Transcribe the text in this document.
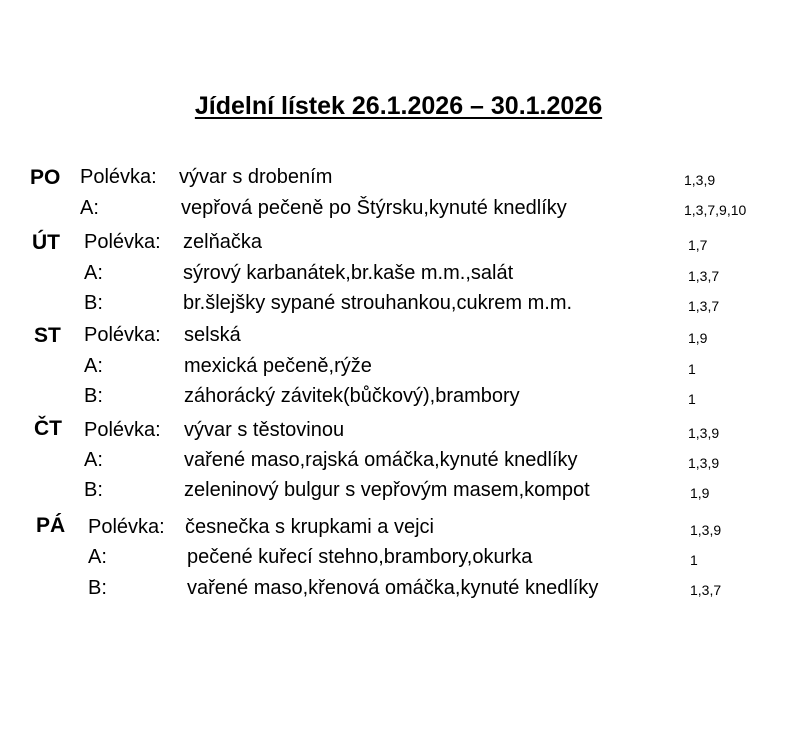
Jídelní lístek 26.1.2026 – 30.1.2026
PO Polévka: vývar s drobením	1,3,9
A:	vepřová pečeně po Štýrsku,kynuté knedlíky	1,3,7,9,10
ÚT Polévka: zelňačka	1,7
A:	sýrový karbanátek,br.kaše m.m.,salát	1,3,7
B:	br.šlejšky sypané strouhankou,cukrem m.m.	1,3,7
ST Polévka: selská	1,9
A:	mexická pečeně,rýže	1
B:	záhorácký závitek(bůčkový),brambory	1
ČT Polévka: vývar s těstovinou	1,3,9
A:	vařené maso,rajská omáčka,kynuté knedlíky	1,3,9
B:	zeleninový bulgur s vepřovým masem,kompot	1,9
PÁ Polévka: česnečka s krupkami a vejci	1,3,9
A:	pečené kuřecí stehno,brambory,okurka	1
B:	vařené maso,křenová omáčka,kynuté knedlíky	1,3,7
